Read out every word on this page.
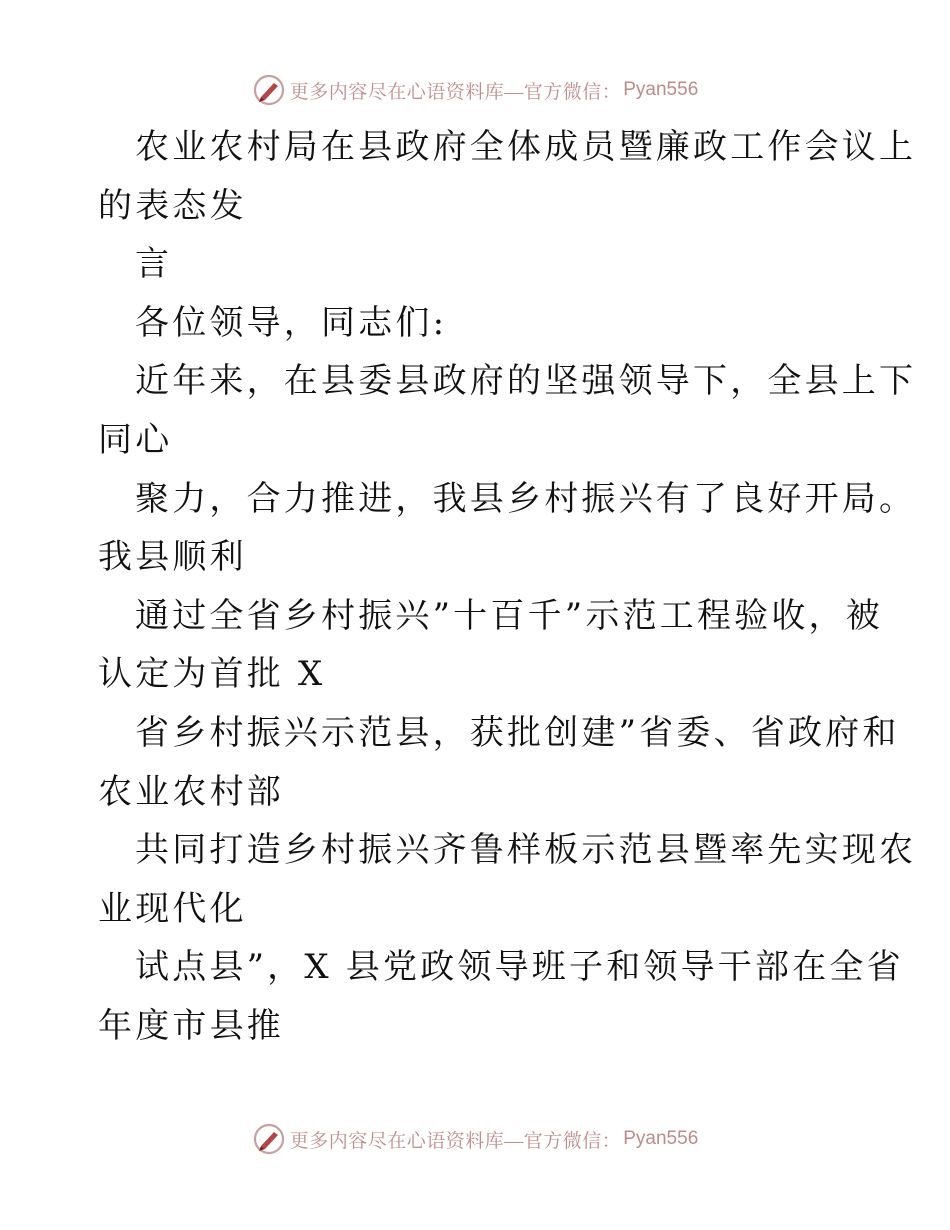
更多内容尽在心语资料库—官方微信： Pyan556
农业农村局在县政府全体成员暨廉政工作会议上
的表态发
言
各位领导，同志们:
近年来，在县委县政府的坚强领导下，全县上下
同心
聚力，合力推进，我县乡村振兴有了良好开局。
我县顺利
通过全省乡村振兴”十百千”示范工程验收，被
认定为首批 X
省乡村振兴示范县，获批创建”省委、省政府和
农业农村部
共同打造乡村振兴齐鲁样板示范县暨率先实现农
业现代化
试点县”，X 县党政领导班子和领导干部在全省
年度市县推
更多内容尽在心语资料库—官方微信： Pyan556
